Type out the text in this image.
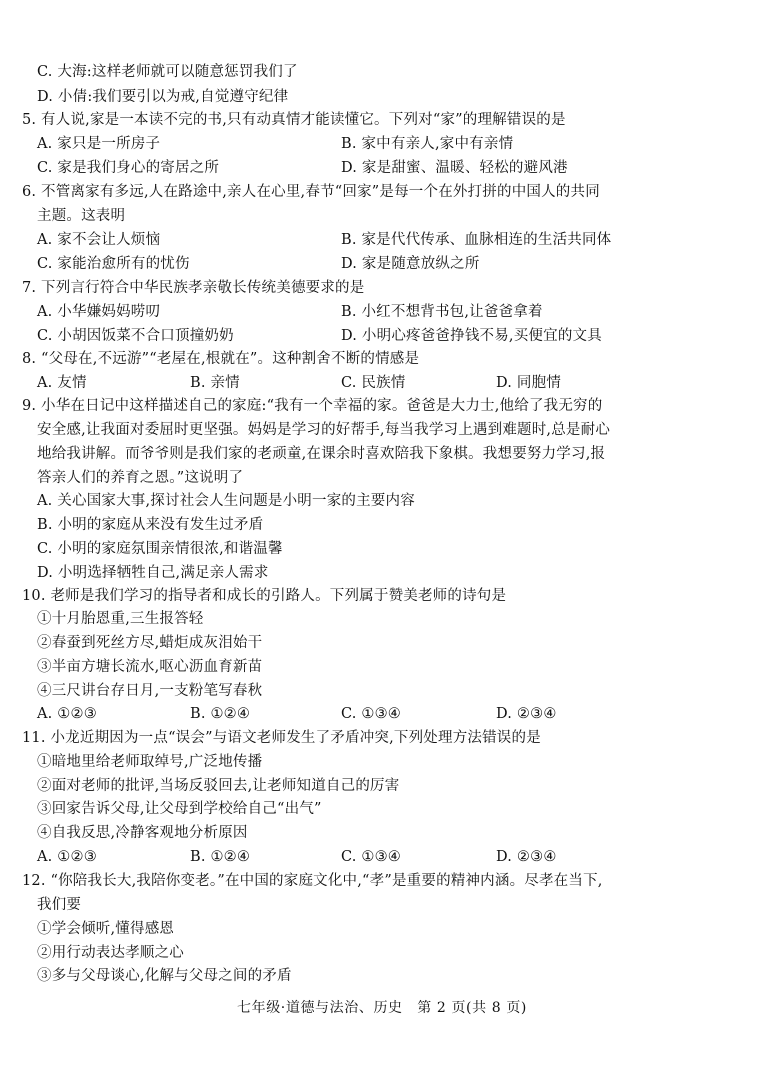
C. 大海:这样老师就可以随意惩罚我们了
D. 小倩:我们要引以为戒,自觉遵守纪律
5. 有人说,家是一本读不完的书,只有动真情才能读懂它。下列对“家”的理解错误的是
A. 家只是一所房子	B. 家中有亲人,家中有亲情
C. 家是我们身心的寄居之所	D. 家是甜蜜、温暖、轻松的避风港
6. 不管离家有多远,人在路途中,亲人在心里,春节“回家”是每一个在外打拼的中国人的共同
主题。这表明
A. 家不会让人烦恼	B. 家是代代传承、血脉相连的生活共同体
C. 家能治愈所有的忧伤	D. 家是随意放纵之所
7. 下列言行符合中华民族孝亲敬长传统美德要求的是
A. 小华嫌妈妈唠叨	B. 小红不想背书包,让爸爸拿着
C. 小胡因饭菜不合口顶撞奶奶	D. 小明心疼爸爸挣钱不易,买便宜的文具
8. “父母在,不远游”“老屋在,根就在”。这种割舍不断的情感是
A. 友情	B. 亲情	C. 民族情	D. 同胞情
9. 小华在日记中这样描述自己的家庭:“我有一个幸福的家。爸爸是大力士,他给了我无穷的
安全感,让我面对委屈时更坚强。妈妈是学习的好帮手,每当我学习上遇到难题时,总是耐心
地给我讲解。而爷爷则是我们家的老顽童,在课余时喜欢陪我下象棋。我想要努力学习,报
答亲人们的养育之恩。”这说明了
A. 关心国家大事,探讨社会人生问题是小明一家的主要内容
B. 小明的家庭从来没有发生过矛盾
C. 小明的家庭氛围亲情很浓,和谐温馨
D. 小明选择牺牲自己,满足亲人需求
10. 老师是我们学习的指导者和成长的引路人。下列属于赞美老师的诗句是
①十月胎恩重,三生报答轻
②春蚕到死丝方尽,蜡炬成灰泪始干
③半亩方塘长流水,呕心沥血育新苗
④三尺讲台存日月,一支粉笔写春秋
A. ①②③	B. ①②④	C. ①③④	D. ②③④
11. 小龙近期因为一点“误会”与语文老师发生了矛盾冲突,下列处理方法错误的是
①暗地里给老师取绰号,广泛地传播
②面对老师的批评,当场反驳回去,让老师知道自己的厉害
③回家告诉父母,让父母到学校给自己“出气”
④自我反思,冷静客观地分析原因
A. ①②③	B. ①②④	C. ①③④	D. ②③④
12. “你陪我长大,我陪你变老。”在中国的家庭文化中,“孝”是重要的精神内涵。尽孝在当下,
我们要
①学会倾听,懂得感恩
②用行动表达孝顺之心
③多与父母谈心,化解与父母之间的矛盾
七年级·道德与法治、历史　第 2 页(共 8 页)
